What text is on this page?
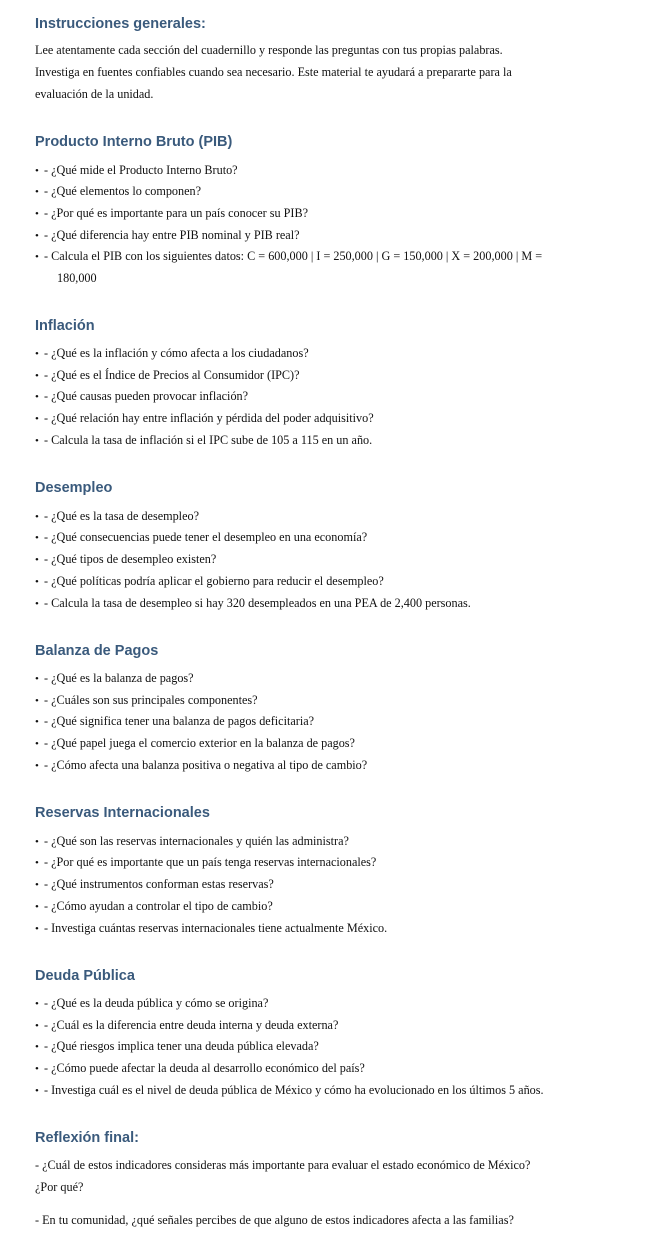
Instrucciones generales:
Lee atentamente cada sección del cuadernillo y responde las preguntas con tus propias palabras.
Investiga en fuentes confiables cuando sea necesario. Este material te ayudará a prepararte para la
evaluación de la unidad.
Producto Interno Bruto (PIB)
• - ¿Qué mide el Producto Interno Bruto?
• - ¿Qué elementos lo componen?
• - ¿Por qué es importante para un país conocer su PIB?
• - ¿Qué diferencia hay entre PIB nominal y PIB real?
• - Calcula el PIB con los siguientes datos: C = 600,000 | I = 250,000 | G = 150,000 | X = 200,000 | M =
180,000
Inflación
• - ¿Qué es la inflación y cómo afecta a los ciudadanos?
• - ¿Qué es el Índice de Precios al Consumidor (IPC)?
• - ¿Qué causas pueden provocar inflación?
• - ¿Qué relación hay entre inflación y pérdida del poder adquisitivo?
• - Calcula la tasa de inflación si el IPC sube de 105 a 115 en un año.
Desempleo
• - ¿Qué es la tasa de desempleo?
• - ¿Qué consecuencias puede tener el desempleo en una economía?
• - ¿Qué tipos de desempleo existen?
• - ¿Qué políticas podría aplicar el gobierno para reducir el desempleo?
• - Calcula la tasa de desempleo si hay 320 desempleados en una PEA de 2,400 personas.
Balanza de Pagos
• - ¿Qué es la balanza de pagos?
• - ¿Cuáles son sus principales componentes?
• - ¿Qué significa tener una balanza de pagos deficitaria?
• - ¿Qué papel juega el comercio exterior en la balanza de pagos?
• - ¿Cómo afecta una balanza positiva o negativa al tipo de cambio?
Reservas Internacionales
• - ¿Qué son las reservas internacionales y quién las administra?
• - ¿Por qué es importante que un país tenga reservas internacionales?
• - ¿Qué instrumentos conforman estas reservas?
• - ¿Cómo ayudan a controlar el tipo de cambio?
• - Investiga cuántas reservas internacionales tiene actualmente México.
Deuda Pública
• - ¿Qué es la deuda pública y cómo se origina?
• - ¿Cuál es la diferencia entre deuda interna y deuda externa?
• - ¿Qué riesgos implica tener una deuda pública elevada?
• - ¿Cómo puede afectar la deuda al desarrollo económico del país?
• - Investiga cuál es el nivel de deuda pública de México y cómo ha evolucionado en los últimos 5 años.
Reflexión final:
- ¿Cuál de estos indicadores consideras más importante para evaluar el estado económico de México?
¿Por qué?
- En tu comunidad, ¿qué señales percibes de que alguno de estos indicadores afecta a las familias?
